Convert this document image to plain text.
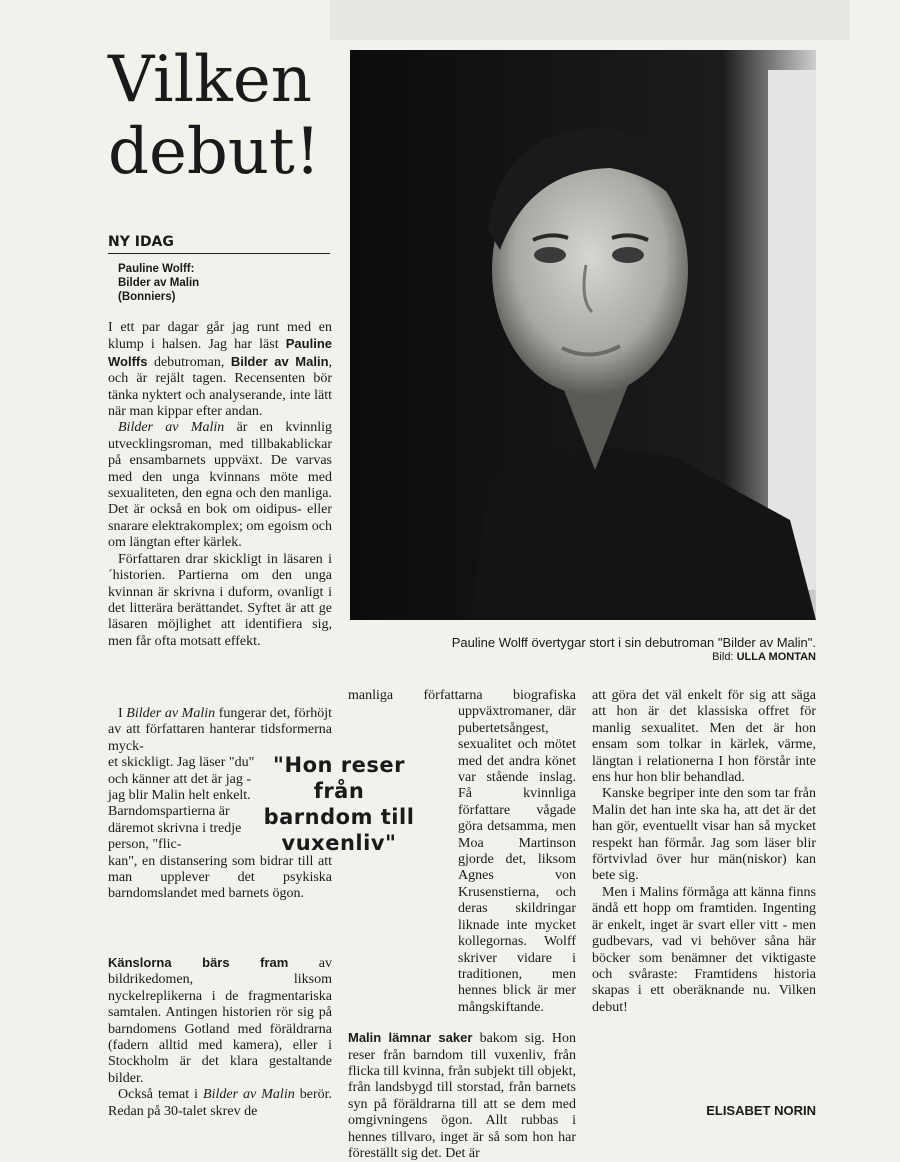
Vilken
debut!
NY IDAG
Pauline Wolff:
Bilder av Malin
(Bonniers)
Pauline Wolff övertygar stort i sin debutroman "Bilder av Malin".
Bild: ULLA MONTAN

I ett par dagar går jag runt med en klump i halsen. Jag har läst Pauline Wolffs debutroman, Bilder av Malin, och är rejält tagen. Recensenten bör tänka nyktert och analyserande, inte lätt när man kippar efter andan.

Bilder av Malin är en kvinnlig utvecklingsroman, med tillbakablickar på ensambarnets uppväxt. De varvas med den unga kvinnans möte med sexualiteten, den egna och den manliga. Det är också en bok om oidipus- eller snarare elektrakomplex; om egoism och om längtan efter kärlek.

Författaren drar skickligt in läsaren i´historien. Partierna om den unga kvinnan är skrivna i duform, ovanligt i det litterära berättandet. Syftet är att ge läsaren möjlighet att identifiera sig, men får ofta motsatt effekt.

I Bilder av Malin fungerar det, förhöjt av att författaren hanterar tidsformerna myck-

et skickligt. Jag läser "du" och känner att det är jag - jag blir Malin helt enkelt. Barndomspartierna är däremot skrivna i tredje person, "flic-

kan", en distansering som bidrar till att man upplever det psykiska barndomslandet med barnets ögon.

Känslorna bärs fram av bildrikedomen, liksom nyckelreplikerna i de fragmentariska samtalen. Antingen historien rör sig på barndomens Gotland med föräldrarna (fadern alltid med kamera), eller i Stockholm är det klara gestaltande bilder.

Också temat i Bilder av Malin berör. Redan på 30-talet skrev de

"Hon reser
från
barndom till
vuxenliv"

manliga författarna biografiska uppväxtromaner, där pubertetsångest, sexualitet och mötet med det andra könet var stående inslag. Få kvinnliga författare vågade göra detsamma, men Moa Martinson gjorde det, liksom Agnes von Krusenstierna, och deras skildringar liknade inte mycket kollegornas. Wolff skriver vidare i traditionen, men hennes blick är mer mångskiftande.

Malin lämnar saker bakom sig. Hon reser från barndom till vuxenliv, från flicka till kvinna, från subjekt till objekt, från landsbygd till storstad, från barnets syn på föräldrarna till att se dem med omgivningens ögon. Allt rubbas i hennes tillvaro, inget är så som hon har föreställt sig det. Det är

att göra det väl enkelt för sig att säga att hon är det klassiska offret för manlig sexualitet. Men det är hon ensam som tolkar in kärlek, värme, längtan i relationerna I hon förstår inte ens hur hon blir behandlad.

Kanske begriper inte den som tar från Malin det han inte ska ha, att det är det han gör, eventuellt visar han så mycket respekt han förmår. Jag som läser blir förtvivlad över hur män(niskor) kan bete sig.

Men i Malins förmåga att känna finns ändå ett hopp om framtiden. Ingenting är enkelt, inget är svart eller vitt - men gudbevars, vad vi behöver såna här böcker som benämner det viktigaste och svåraste: Framtidens historia skapas i ett oberäknande nu. Vilken debut!

ELISABET NORIN
